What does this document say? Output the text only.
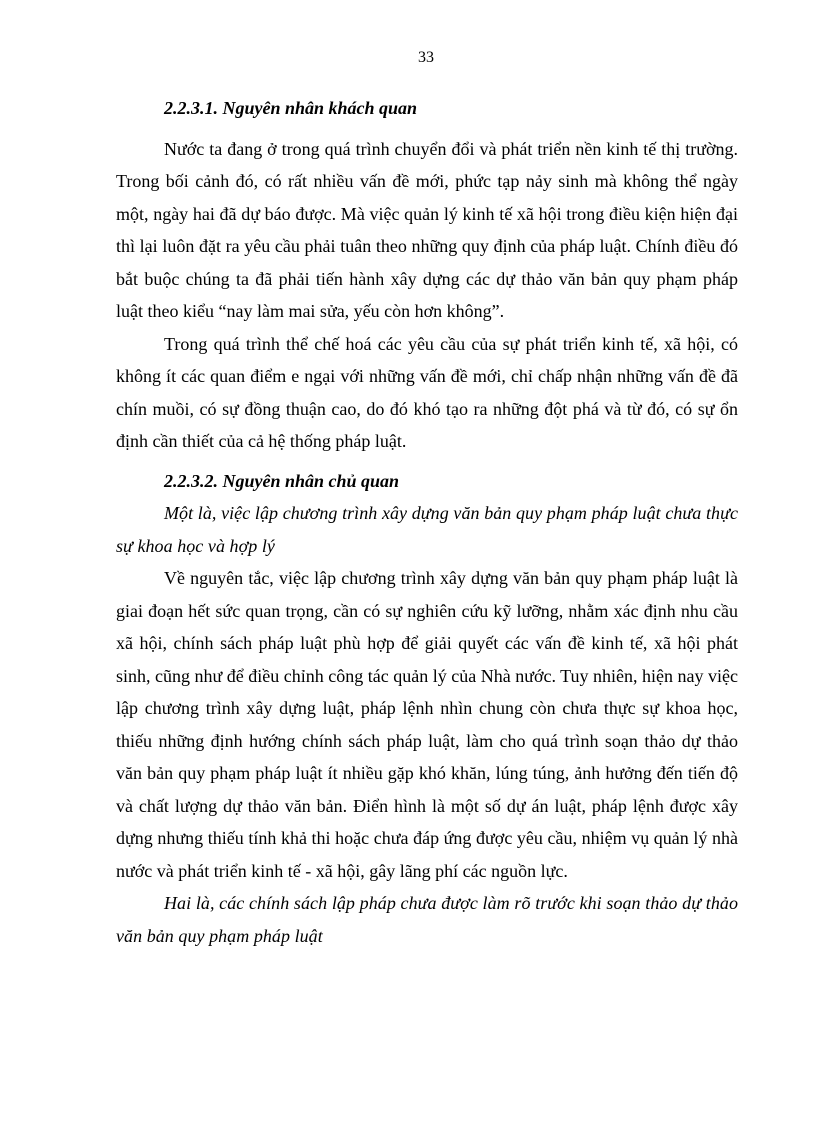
33
2.2.3.1. Nguyên nhân khách quan

Nước ta đang ở trong quá trình chuyển đổi và phát triển nền kinh tế thị trường. Trong bối cảnh đó, có rất nhiều vấn đề mới, phức tạp nảy sinh mà không thể ngày một, ngày hai đã dự báo được. Mà việc quản lý kinh tế xã hội trong điều kiện hiện đại thì lại luôn đặt ra yêu cầu phải tuân theo những quy định của pháp luật. Chính điều đó bắt buộc chúng ta đã phải tiến hành xây dựng các dự thảo văn bản quy phạm pháp luật theo kiểu “nay làm mai sửa, yếu còn hơn không”.

Trong quá trình thể chế hoá các yêu cầu của sự phát triển kinh tế, xã hội, có không ít các quan điểm e ngại với những vấn đề mới, chỉ chấp nhận những vấn đề đã chín muồi, có sự đồng thuận cao, do đó khó tạo ra những đột phá và từ đó, có sự ổn định cần thiết của cả hệ thống pháp luật.

2.2.3.2. Nguyên nhân chủ quan

Một là, việc lập chương trình xây dựng văn bản quy phạm pháp luật chưa thực sự khoa học và hợp lý

Về nguyên tắc, việc lập chương trình xây dựng văn bản quy phạm pháp luật là giai đoạn hết sức quan trọng, cần có sự nghiên cứu kỹ lưỡng, nhằm xác định nhu cầu xã hội, chính sách pháp luật phù hợp để giải quyết các vấn đề kinh tế, xã hội phát sinh, cũng như để điều chỉnh công tác quản lý của Nhà nước. Tuy nhiên, hiện nay việc lập chương trình xây dựng luật, pháp lệnh nhìn chung còn chưa thực sự khoa học, thiếu những định hướng chính sách pháp luật, làm cho quá trình soạn thảo dự thảo văn bản quy phạm pháp luật ít nhiều gặp khó khăn, lúng túng, ảnh hưởng đến tiến độ và chất lượng dự thảo văn bản. Điển hình là một số dự án luật, pháp lệnh được xây dựng nhưng thiếu tính khả thi hoặc chưa đáp ứng được yêu cầu, nhiệm vụ quản lý nhà nước và phát triển kinh tế - xã hội, gây lãng phí các nguồn lực.

Hai là, các chính sách lập pháp chưa được làm rõ trước khi soạn thảo dự thảo văn bản quy phạm pháp luật
